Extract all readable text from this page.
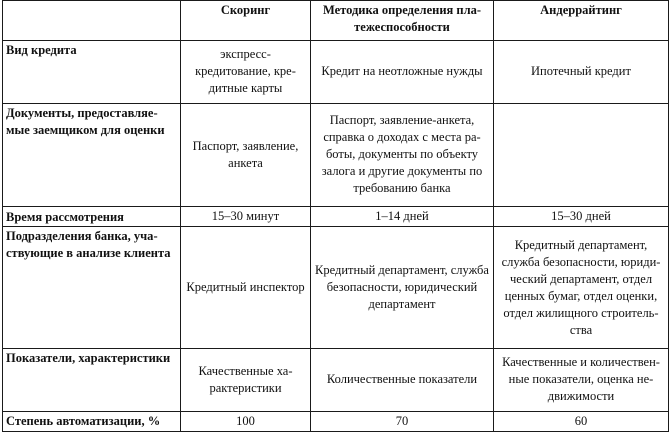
	Скоринг	Методика определения платежеспособности	Андеррайтинг
Вид кредита	экспресс-кредитование, кредитные карты	Кредит на неотложные нужды	Ипотечный кредит
Документы, предоставляемые заемщиком для оценки	Паспорт, заявление, анкета	Паспорт, заявление-анкета, справка о доходах с места работы, документы по объекту залога и другие документы по требованию банка	
Время рассмотрения	15–30 минут	1–14 дней	15–30 дней
Подразделения банка, участвующие в анализе клиента	Кредитный инспектор	Кредитный департамент, служба безопасности, юридический департамент	Кредитный департамент, служба безопасности, юридический департамент, отдел ценных бумаг, отдел оценки, отдел жилищного строительства
Показатели, характеристики	Качественные характеристики	Количественные показатели	Качественные и количественные показатели, оценка недвижимости
Степень автоматизации, %	100	70	60
